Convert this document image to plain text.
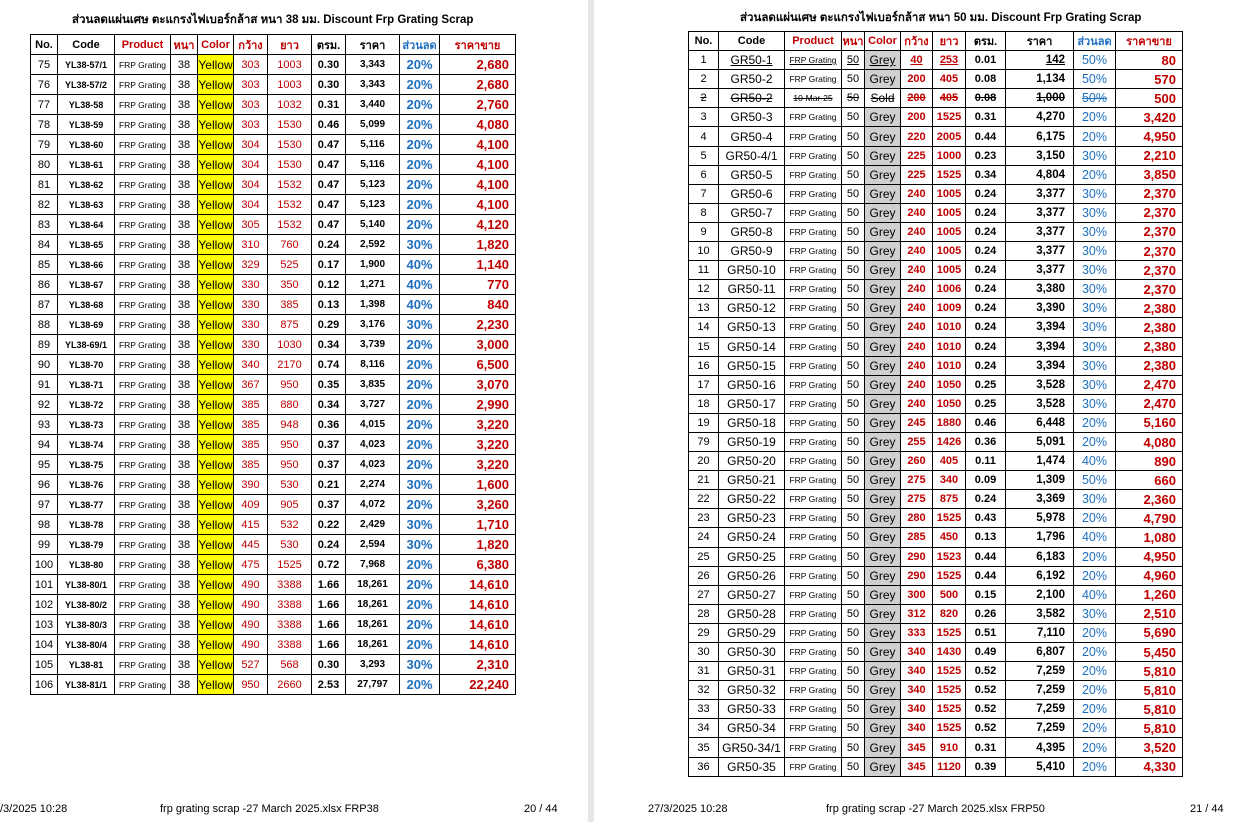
ส่วนลดแผ่นเศษ ตะแกรงไฟเบอร์กล้าส หนา 38 มม. Discount Frp Grating Scrap
No.	Code	Product	หนา	Color	กว้าง	ยาว	ตรม.	ราคา	ส่วนลด	ราคาขาย
75	YL38-57/1	FRP Grating	38	Yellow	303	1003	0.30	3,343	20%	2,680
76	YL38-57/2	FRP Grating	38	Yellow	303	1003	0.30	3,343	20%	2,680
77	YL38-58	FRP Grating	38	Yellow	303	1032	0.31	3,440	20%	2,760
78	YL38-59	FRP Grating	38	Yellow	303	1530	0.46	5,099	20%	4,080
79	YL38-60	FRP Grating	38	Yellow	304	1530	0.47	5,116	20%	4,100
80	YL38-61	FRP Grating	38	Yellow	304	1530	0.47	5,116	20%	4,100
81	YL38-62	FRP Grating	38	Yellow	304	1532	0.47	5,123	20%	4,100
82	YL38-63	FRP Grating	38	Yellow	304	1532	0.47	5,123	20%	4,100
83	YL38-64	FRP Grating	38	Yellow	305	1532	0.47	5,140	20%	4,120
84	YL38-65	FRP Grating	38	Yellow	310	760	0.24	2,592	30%	1,820
85	YL38-66	FRP Grating	38	Yellow	329	525	0.17	1,900	40%	1,140
86	YL38-67	FRP Grating	38	Yellow	330	350	0.12	1,271	40%	770
87	YL38-68	FRP Grating	38	Yellow	330	385	0.13	1,398	40%	840
88	YL38-69	FRP Grating	38	Yellow	330	875	0.29	3,176	30%	2,230
89	YL38-69/1	FRP Grating	38	Yellow	330	1030	0.34	3,739	20%	3,000
90	YL38-70	FRP Grating	38	Yellow	340	2170	0.74	8,116	20%	6,500
91	YL38-71	FRP Grating	38	Yellow	367	950	0.35	3,835	20%	3,070
92	YL38-72	FRP Grating	38	Yellow	385	880	0.34	3,727	20%	2,990
93	YL38-73	FRP Grating	38	Yellow	385	948	0.36	4,015	20%	3,220
94	YL38-74	FRP Grating	38	Yellow	385	950	0.37	4,023	20%	3,220
95	YL38-75	FRP Grating	38	Yellow	385	950	0.37	4,023	20%	3,220
96	YL38-76	FRP Grating	38	Yellow	390	530	0.21	2,274	30%	1,600
97	YL38-77	FRP Grating	38	Yellow	409	905	0.37	4,072	20%	3,260
98	YL38-78	FRP Grating	38	Yellow	415	532	0.22	2,429	30%	1,710
99	YL38-79	FRP Grating	38	Yellow	445	530	0.24	2,594	30%	1,820
100	YL38-80	FRP Grating	38	Yellow	475	1525	0.72	7,968	20%	6,380
101	YL38-80/1	FRP Grating	38	Yellow	490	3388	1.66	18,261	20%	14,610
102	YL38-80/2	FRP Grating	38	Yellow	490	3388	1.66	18,261	20%	14,610
103	YL38-80/3	FRP Grating	38	Yellow	490	3388	1.66	18,261	20%	14,610
104	YL38-80/4	FRP Grating	38	Yellow	490	3388	1.66	18,261	20%	14,610
105	YL38-81	FRP Grating	38	Yellow	527	568	0.30	3,293	30%	2,310
106	YL38-81/1	FRP Grating	38	Yellow	950	2660	2.53	27,797	20%	22,240
/3/2025 10:28	frp grating scrap -27 March 2025.xlsx FRP38	20 / 44
ส่วนลดแผ่นเศษ ตะแกรงไฟเบอร์กล้าส หนา 50 มม. Discount Frp Grating Scrap
No.	Code	Product	หนา	Color	กว้าง	ยาว	ตรม.	ราคา	ส่วนลด	ราคาขาย
1	GR50-1	FRP Grating	50	Grey	40	253	0.01	142	50%	80
2	GR50-2	FRP Grating	50	Grey	200	405	0.08	1,134	50%	570
2	GR50-2	10-Mar-25	50	Sold	200	405	0.08	1,000	50%	500
3	GR50-3	FRP Grating	50	Grey	200	1525	0.31	4,270	20%	3,420
4	GR50-4	FRP Grating	50	Grey	220	2005	0.44	6,175	20%	4,950
5	GR50-4/1	FRP Grating	50	Grey	225	1000	0.23	3,150	30%	2,210
6	GR50-5	FRP Grating	50	Grey	225	1525	0.34	4,804	20%	3,850
7	GR50-6	FRP Grating	50	Grey	240	1005	0.24	3,377	30%	2,370
8	GR50-7	FRP Grating	50	Grey	240	1005	0.24	3,377	30%	2,370
9	GR50-8	FRP Grating	50	Grey	240	1005	0.24	3,377	30%	2,370
10	GR50-9	FRP Grating	50	Grey	240	1005	0.24	3,377	30%	2,370
11	GR50-10	FRP Grating	50	Grey	240	1005	0.24	3,377	30%	2,370
12	GR50-11	FRP Grating	50	Grey	240	1006	0.24	3,380	30%	2,370
13	GR50-12	FRP Grating	50	Grey	240	1009	0.24	3,390	30%	2,380
14	GR50-13	FRP Grating	50	Grey	240	1010	0.24	3,394	30%	2,380
15	GR50-14	FRP Grating	50	Grey	240	1010	0.24	3,394	30%	2,380
16	GR50-15	FRP Grating	50	Grey	240	1010	0.24	3,394	30%	2,380
17	GR50-16	FRP Grating	50	Grey	240	1050	0.25	3,528	30%	2,470
18	GR50-17	FRP Grating	50	Grey	240	1050	0.25	3,528	30%	2,470
19	GR50-18	FRP Grating	50	Grey	245	1880	0.46	6,448	20%	5,160
79	GR50-19	FRP Grating	50	Grey	255	1426	0.36	5,091	20%	4,080
20	GR50-20	FRP Grating	50	Grey	260	405	0.11	1,474	40%	890
21	GR50-21	FRP Grating	50	Grey	275	340	0.09	1,309	50%	660
22	GR50-22	FRP Grating	50	Grey	275	875	0.24	3,369	30%	2,360
23	GR50-23	FRP Grating	50	Grey	280	1525	0.43	5,978	20%	4,790
24	GR50-24	FRP Grating	50	Grey	285	450	0.13	1,796	40%	1,080
25	GR50-25	FRP Grating	50	Grey	290	1523	0.44	6,183	20%	4,950
26	GR50-26	FRP Grating	50	Grey	290	1525	0.44	6,192	20%	4,960
27	GR50-27	FRP Grating	50	Grey	300	500	0.15	2,100	40%	1,260
28	GR50-28	FRP Grating	50	Grey	312	820	0.26	3,582	30%	2,510
29	GR50-29	FRP Grating	50	Grey	333	1525	0.51	7,110	20%	5,690
30	GR50-30	FRP Grating	50	Grey	340	1430	0.49	6,807	20%	5,450
31	GR50-31	FRP Grating	50	Grey	340	1525	0.52	7,259	20%	5,810
32	GR50-32	FRP Grating	50	Grey	340	1525	0.52	7,259	20%	5,810
33	GR50-33	FRP Grating	50	Grey	340	1525	0.52	7,259	20%	5,810
34	GR50-34	FRP Grating	50	Grey	340	1525	0.52	7,259	20%	5,810
35	GR50-34/1	FRP Grating	50	Grey	345	910	0.31	4,395	20%	3,520
36	GR50-35	FRP Grating	50	Grey	345	1120	0.39	5,410	20%	4,330
27/3/2025 10:28	frp grating scrap -27 March 2025.xlsx FRP50	21 / 44
